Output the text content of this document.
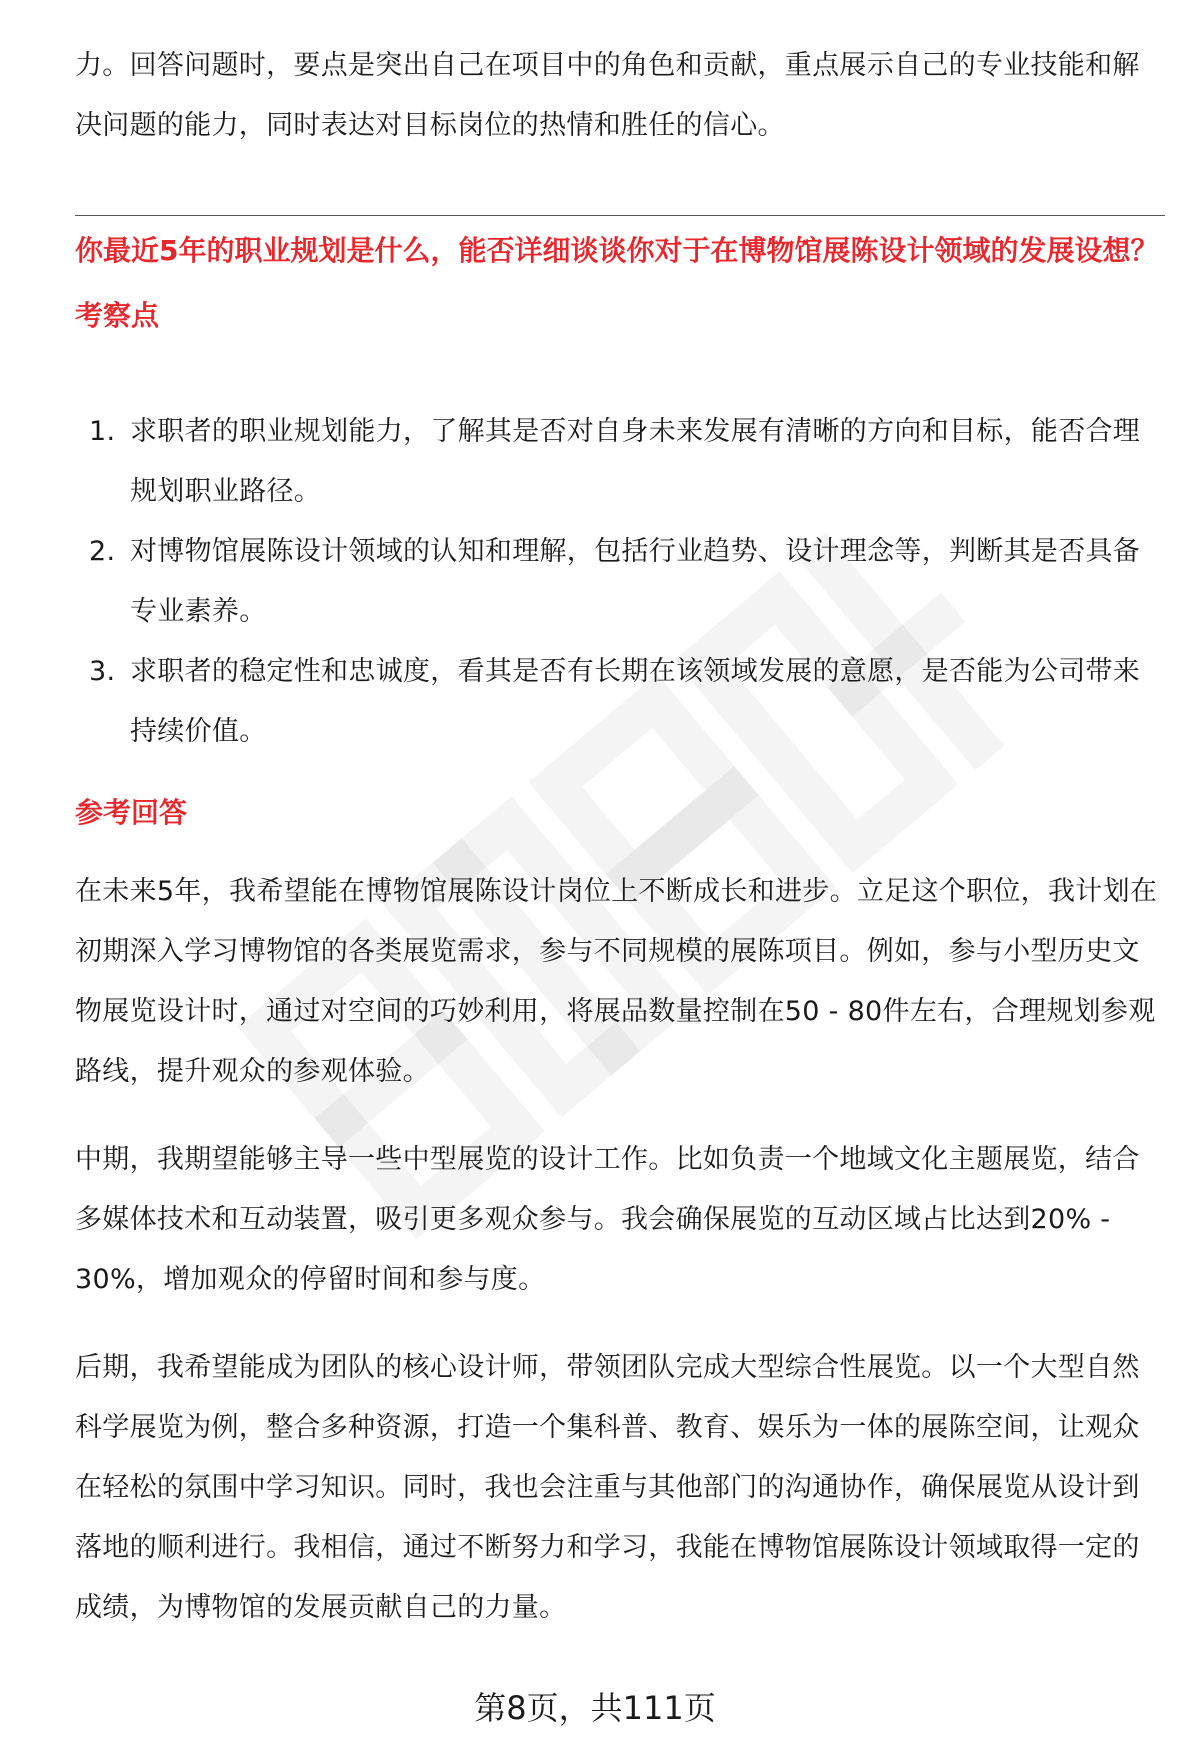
力。回答问题时，要点是突出自己在项目中的角色和贡献，重点展示自己的专业技能和解决问题的能力，同时表达对目标岗位的热情和胜任的信心。

你最近5年的职业规划是什么，能否详细谈谈你对于在博物馆展陈设计领域的发展设想？
考察点
1. 求职者的职业规划能力，了解其是否对自身未来发展有清晰的方向和目标，能否合理规划职业路径。
2. 对博物馆展陈设计领域的认知和理解，包括行业趋势、设计理念等，判断其是否具备专业素养。
3. 求职者的稳定性和忠诚度，看其是否有长期在该领域发展的意愿，是否能为公司带来持续价值。
参考回答

在未来5年，我希望能在博物馆展陈设计岗位上不断成长和进步。立足这个职位，我计划在初期深入学习博物馆的各类展览需求，参与不同规模的展陈项目。例如，参与小型历史文物展览设计时，通过对空间的巧妙利用，将展品数量控制在50 - 80件左右，合理规划参观路线，提升观众的参观体验。

中期，我期望能够主导一些中型展览的设计工作。比如负责一个地域文化主题展览，结合多媒体技术和互动装置，吸引更多观众参与。我会确保展览的互动区域占比达到20% - 30%，增加观众的停留时间和参与度。

后期，我希望能成为团队的核心设计师，带领团队完成大型综合性展览。以一个大型自然科学展览为例，整合多种资源，打造一个集科普、教育、娱乐为一体的展陈空间，让观众在轻松的氛围中学习知识。同时，我也会注重与其他部门的沟通协作，确保展览从设计到落地的顺利进行。我相信，通过不断努力和学习，我能在博物馆展陈设计领域取得一定的成绩，为博物馆的发展贡献自己的力量。

第8页，共111页
